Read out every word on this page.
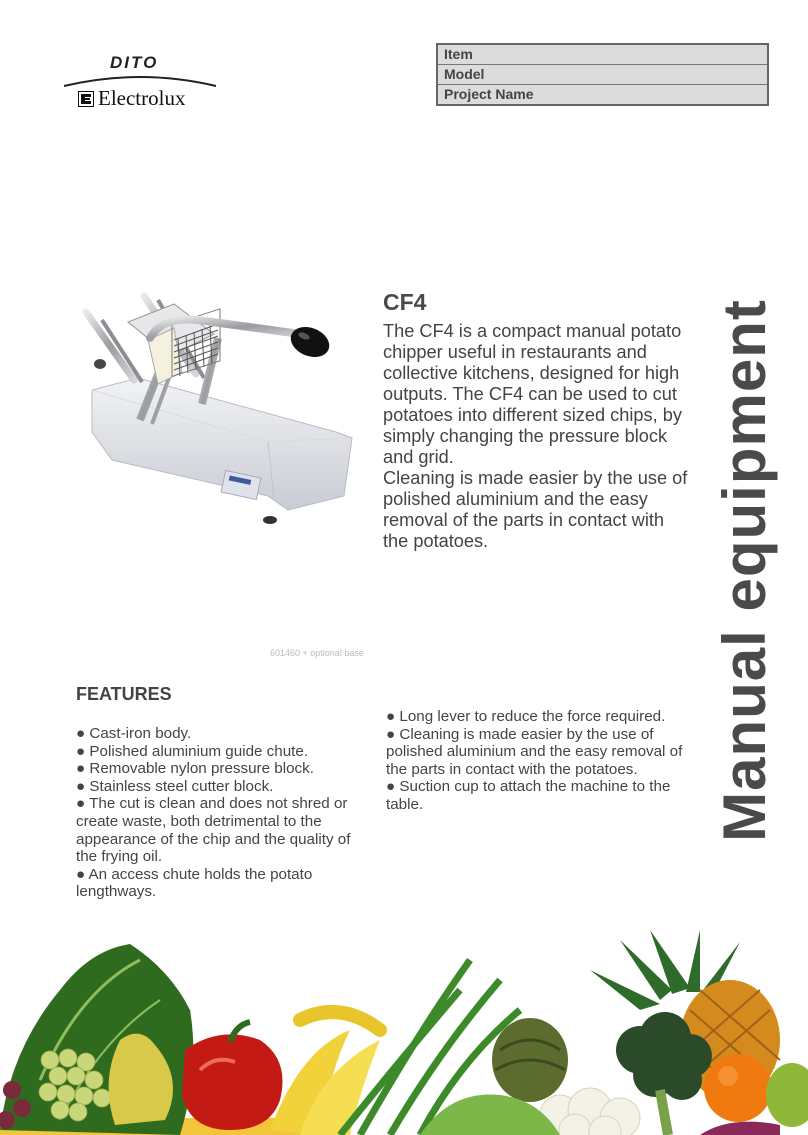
DITO
Electrolux
Item
Model
Project Name
Manual equipment
601460 + optional base
CF4

The CF4 is a compact manual potato chipper useful in restaurants and collective kitchens, designed for high outputs. The CF4 can be used to cut potatoes into different sized chips, by simply changing the pressure block and grid.

Cleaning is made easier by the use of polished aluminium and the easy removal of the parts in contact with the potatoes.

FEATURES

● Cast-iron body.

● Polished aluminium guide chute.

● Removable nylon pressure block.

● Stainless steel cutter block.

● The cut is clean and does not shred or create waste, both detrimental to the appearance of the chip and the quality of the frying oil.

● An access chute holds the potato lengthways.

● Long lever to reduce the force required.

● Cleaning is made easier by the use of polished aluminium and the easy removal of the parts in contact with the potatoes.

● Suction cup to attach the machine to the table.
